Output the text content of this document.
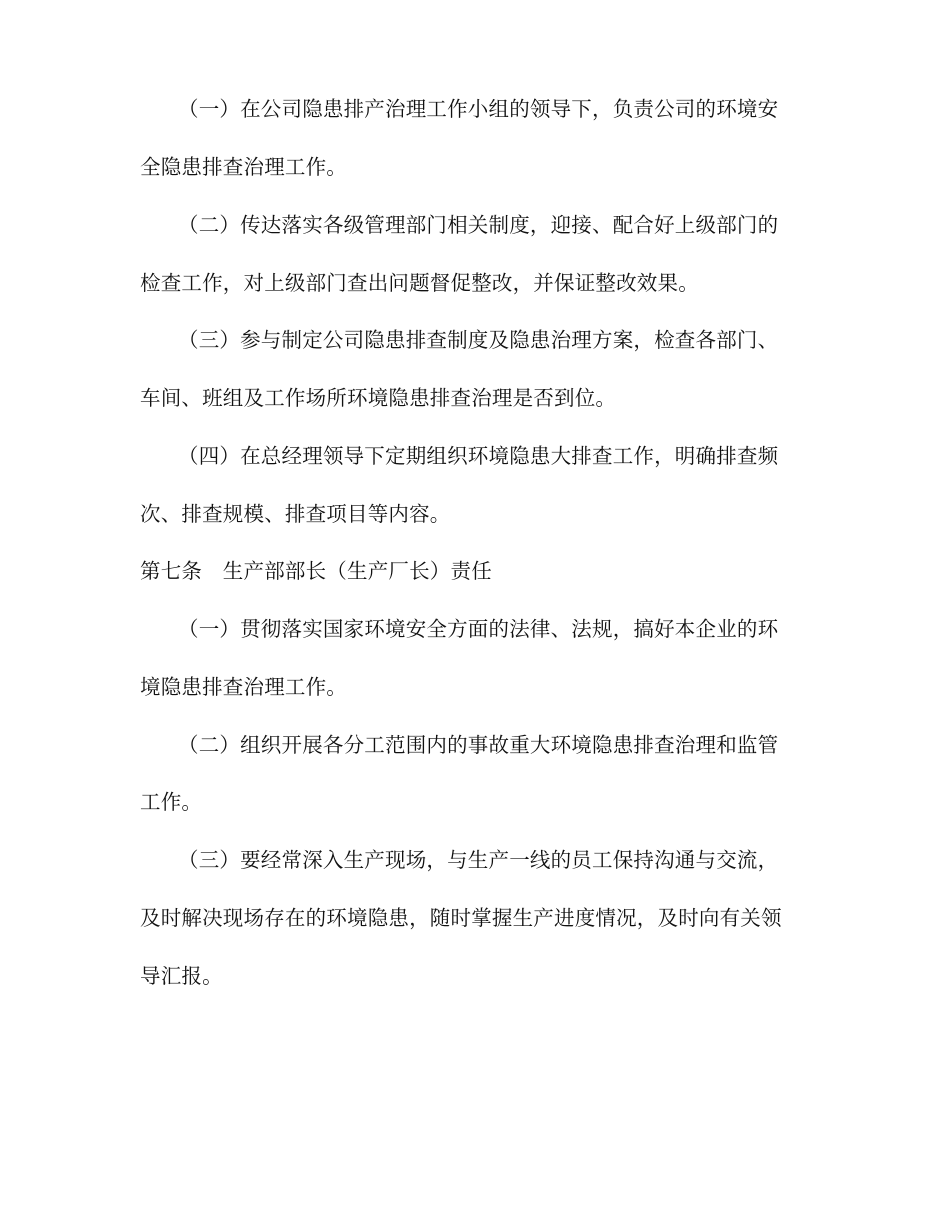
（一）在公司隐患排产治理工作小组的领导下，负责公司的环境安
全隐患排查治理工作。
（二）传达落实各级管理部门相关制度，迎接、配合好上级部门的
检查工作，对上级部门查出问题督促整改，并保证整改效果。
（三）参与制定公司隐患排查制度及隐患治理方案，检查各部门、
车间、班组及工作场所环境隐患排查治理是否到位。
（四）在总经理领导下定期组织环境隐患大排查工作，明确排查频
次、排查规模、排查项目等内容。
第七条　生产部部长（生产厂长）责任
（一）贯彻落实国家环境安全方面的法律、法规，搞好本企业的环
境隐患排查治理工作。
（二）组织开展各分工范围内的事故重大环境隐患排查治理和监管
工作。
（三）要经常深入生产现场，与生产一线的员工保持沟通与交流，
及时解决现场存在的环境隐患，随时掌握生产进度情况，及时向有关领
导汇报。
